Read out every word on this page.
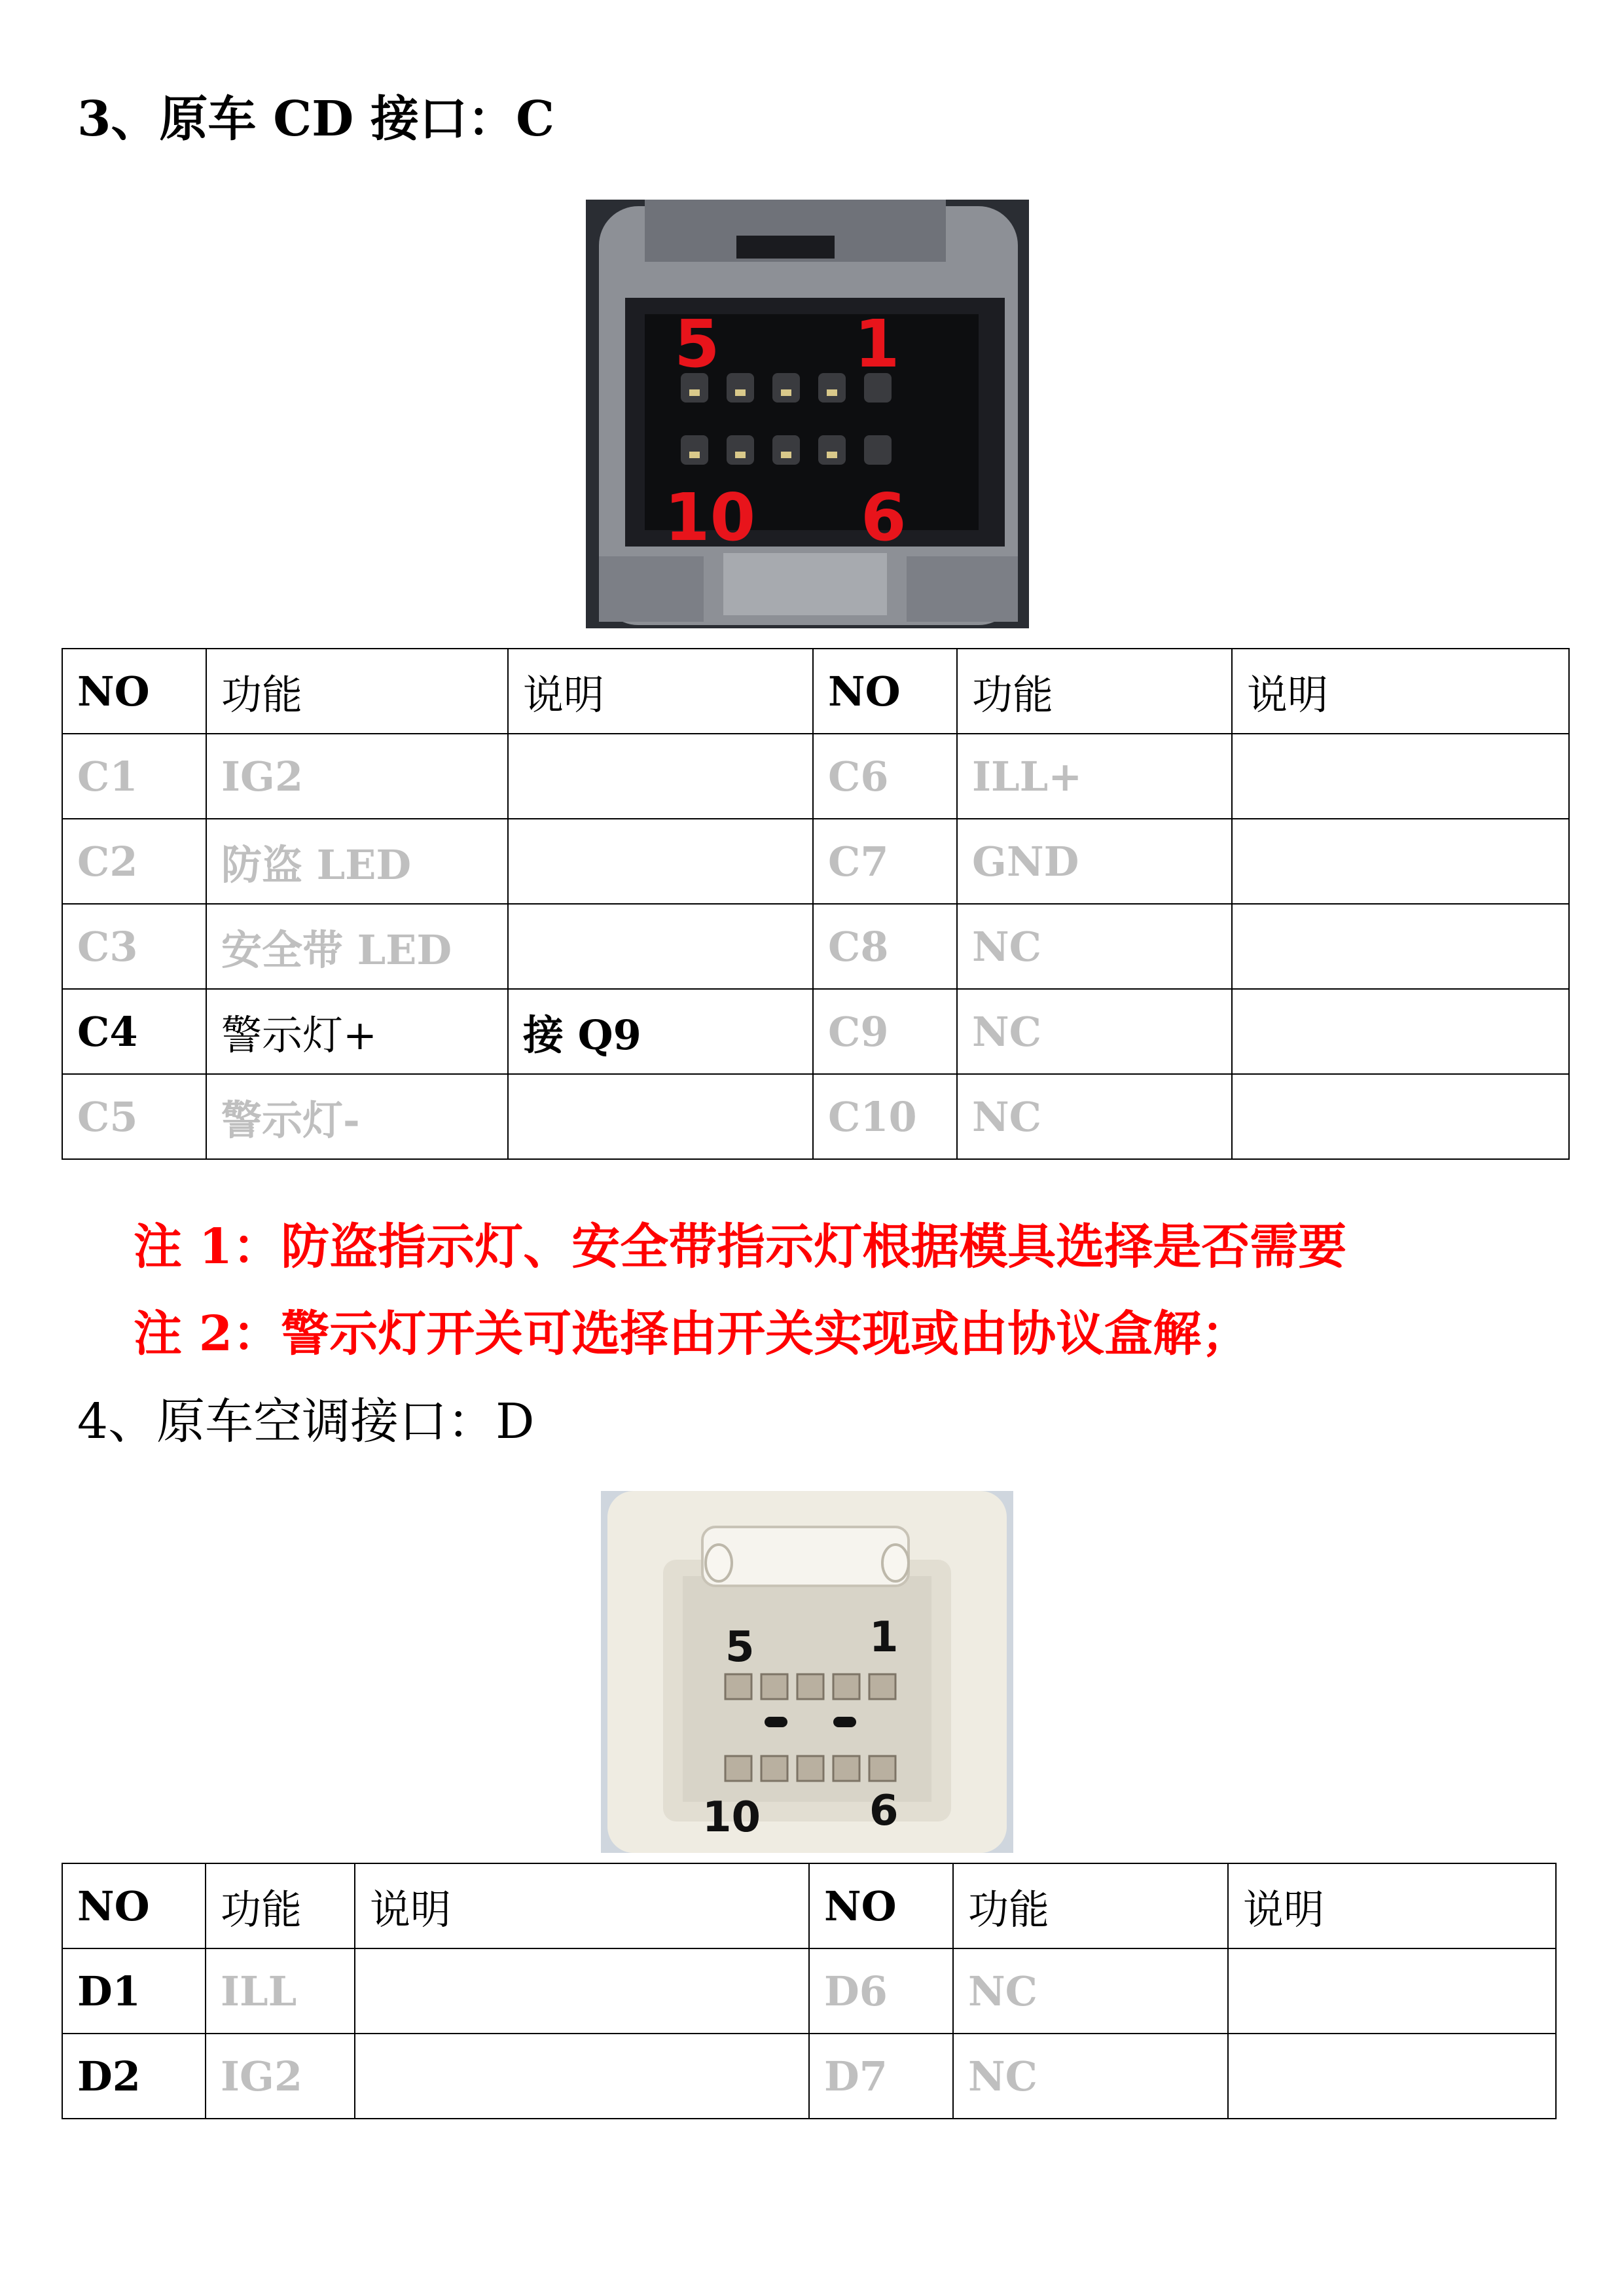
3、原车 CD 接口：C
5 1
10 6
NO	功能	说明	NO	功能	说明
C1	IG2		C6	ILL+	
C2	防盗 LED		C7	GND	
C3	安全带 LED		C8	NC	
C4	警示灯+	接 Q9	C9	NC	
C5	警示灯-		C10	NC	
注 1：防盗指示灯、安全带指示灯根据模具选择是否需要
注 2：警示灯开关可选择由开关实现或由协议盒解；
4、原车空调接口：D
5	1
10	6
NO	功能	说明	NO	功能	说明
D1	ILL		D6	NC	
D2	IG2		D7	NC	
